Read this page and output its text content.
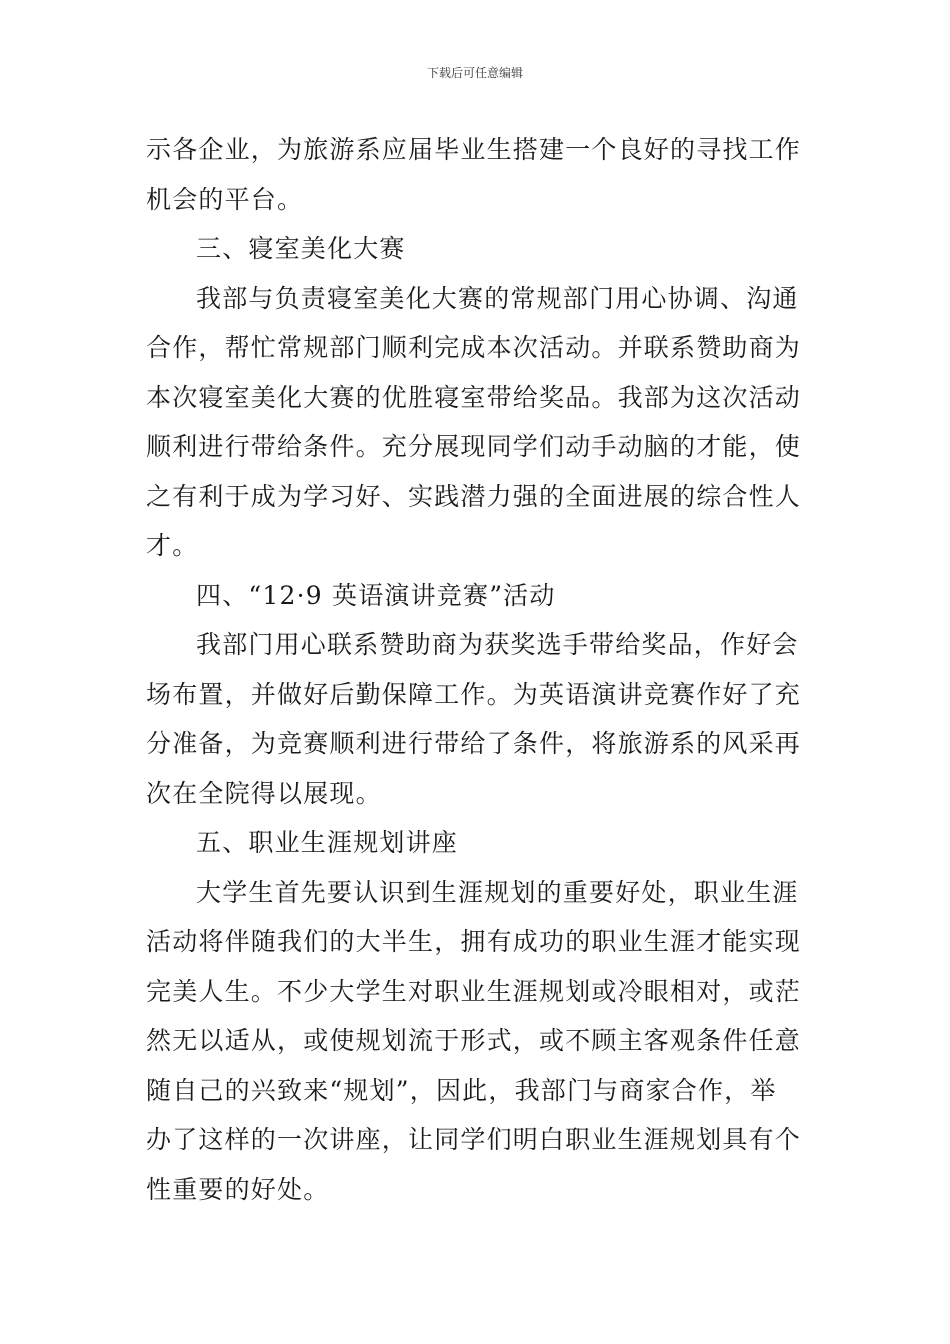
下载后可任意编辑
示各企业，为旅游系应届毕业生搭建一个良好的寻找工作
机会的平台。
三、寝室美化大赛
我部与负责寝室美化大赛的常规部门用心协调、沟通
合作，帮忙常规部门顺利完成本次活动。并联系赞助商为
本次寝室美化大赛的优胜寝室带给奖品。我部为这次活动
顺利进行带给条件。充分展现同学们动手动脑的才能，使
之有利于成为学习好、实践潜力强的全面进展的综合性人
才。
四、“12·9 英语演讲竞赛”活动
我部门用心联系赞助商为获奖选手带给奖品，作好会
场布置，并做好后勤保障工作。为英语演讲竞赛作好了充
分准备，为竞赛顺利进行带给了条件，将旅游系的风采再
次在全院得以展现。
五、职业生涯规划讲座
大学生首先要认识到生涯规划的重要好处，职业生涯
活动将伴随我们的大半生，拥有成功的职业生涯才能实现
完美人生。不少大学生对职业生涯规划或冷眼相对，或茫
然无以适从，或使规划流于形式，或不顾主客观条件任意
随自己的兴致来“规划”，因此，我部门与商家合作，举
办了这样的一次讲座，让同学们明白职业生涯规划具有个
性重要的好处。
